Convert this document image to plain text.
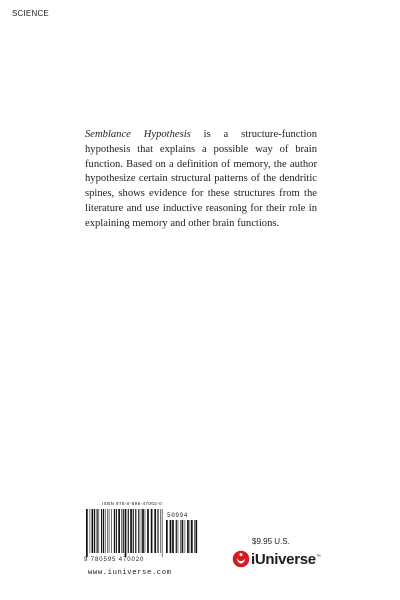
SCIENCE

Semblance Hypothesis is a structure-function hypothesis that explains a possible way of brain function. Based on a definition of memory, the author hypothesize certain structural patterns of the dendritic spines, shows evidence for these structures from the literature and use inductive reasoning for their role in explaining memory and other brain functions.

ISBN 978-0-595-47002-0
50994
9 780595 470020
www.iuniverse.com
$9.95 U.S.
iUniverse™
